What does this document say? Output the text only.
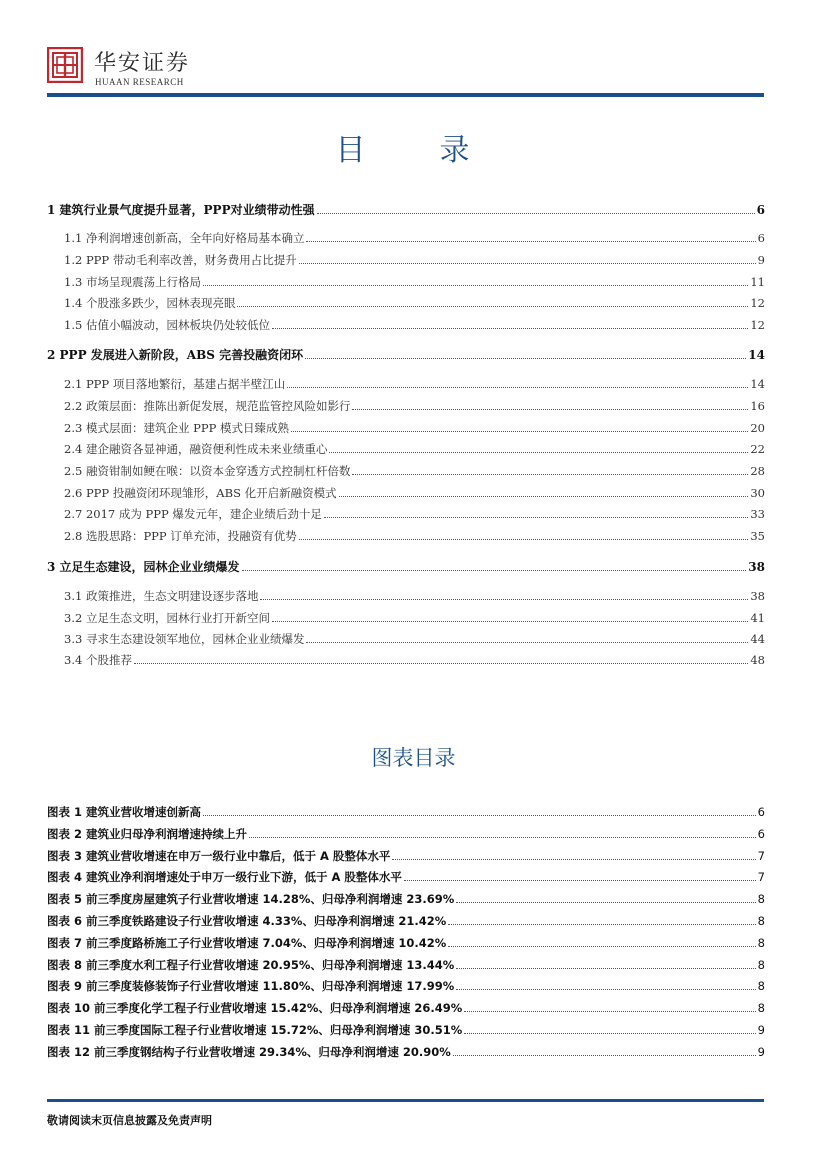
华安证券
HUAAN RESEARCH
目　录
1 建筑行业景气度提升显著，PPP对业绩带动性强	6
1.1 净利润增速创新高，全年向好格局基本确立	6
1.2 PPP 带动毛利率改善，财务费用占比提升	9
1.3 市场呈现震荡上行格局	11
1.4 个股涨多跌少，园林表现亮眼	12
1.5 估值小幅波动，园林板块仍处较低位	12
2 PPP 发展进入新阶段，ABS 完善投融资闭环	14
2.1 PPP 项目落地繁衍，基建占据半壁江山	14
2.2 政策层面：推陈出新促发展，规范监管控风险如影行	16
2.3 模式层面：建筑企业 PPP 模式日臻成熟	20
2.4 建企融资各显神通，融资便利性成未来业绩重心	22
2.5 融资钳制如鲠在喉：以资本金穿透方式控制杠杆倍数	28
2.6 PPP 投融资闭环现雏形，ABS 化开启新融资模式	30
2.7 2017 成为 PPP 爆发元年，建企业绩后劲十足	33
2.8 选股思路：PPP 订单充沛，投融资有优势	35
3 立足生态建设，园林企业业绩爆发	38
3.1 政策推进，生态文明建设逐步落地	38
3.2 立足生态文明，园林行业打开新空间	41
3.3 寻求生态建设领军地位，园林企业业绩爆发	44
3.4 个股推荐	48
图表目录
图表 1 建筑业营收增速创新高	6
图表 2 建筑业归母净利润增速持续上升	6
图表 3 建筑业营收增速在申万一级行业中靠后，低于 A 股整体水平	7
图表 4 建筑业净利润增速处于申万一级行业下游，低于 A 股整体水平	7
图表 5 前三季度房屋建筑子行业营收增速 14.28%、归母净利润增速 23.69%	8
图表 6 前三季度铁路建设子行业营收增速 4.33%、归母净利润增速 21.42%	8
图表 7 前三季度路桥施工子行业营收增速 7.04%、归母净利润增速 10.42%	8
图表 8 前三季度水利工程子行业营收增速 20.95%、归母净利润增速 13.44%	8
图表 9 前三季度装修装饰子行业营收增速 11.80%、归母净利润增速 17.99%	8
图表 10 前三季度化学工程子行业营收增速 15.42%、归母净利润增速 26.49%	8
图表 11 前三季度国际工程子行业营收增速 15.72%、归母净利润增速 30.51%	9
图表 12 前三季度钢结构子行业营收增速 29.34%、归母净利润增速 20.90%	9
敬请阅读末页信息披露及免责声明
